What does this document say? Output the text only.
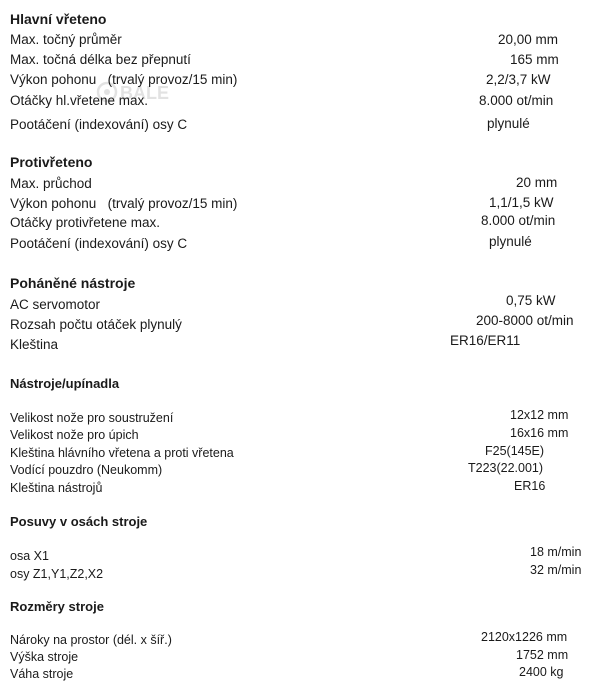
BALE
Hlavní vřeteno
Max. točný průměr	20,00 mm
Max. točná délka bez přepnutí	165 mm
Výkon pohonu   (trvalý provoz/15 min)	2,2/3,7 kW
Otáčky hl.vřetene max.	8.000 ot/min
Pootáčení (indexování) osy C	plynulé
Protivřeteno
Max. průchod	20 mm
Výkon pohonu   (trvalý provoz/15 min)	1,1/1,5 kW
Otáčky protivřetene max.	8.000 ot/min
Pootáčení (indexování) osy C	plynulé
Poháněné nástroje
AC servomotor	0,75 kW
Rozsah počtu otáček plynulý	200-8000 ot/min
Kleština	ER16/ER11
Nástroje/upínadla
Velikost nože pro soustružení	12x12 mm
Velikost nože pro úpich	16x16 mm
Kleština hlávního vřetena a proti vřetena	F25(145E)
Vodící pouzdro (Neukomm)	T223(22.001)
Kleština nástrojů	ER16
Posuvy v osách stroje
osa X1	18 m/min
osy Z1,Y1,Z2,X2	32 m/min
Rozměry stroje
Nároky na prostor (dél. x šíř.)	2120x1226 mm
Výška stroje	1752 mm
Váha stroje	2400 kg
